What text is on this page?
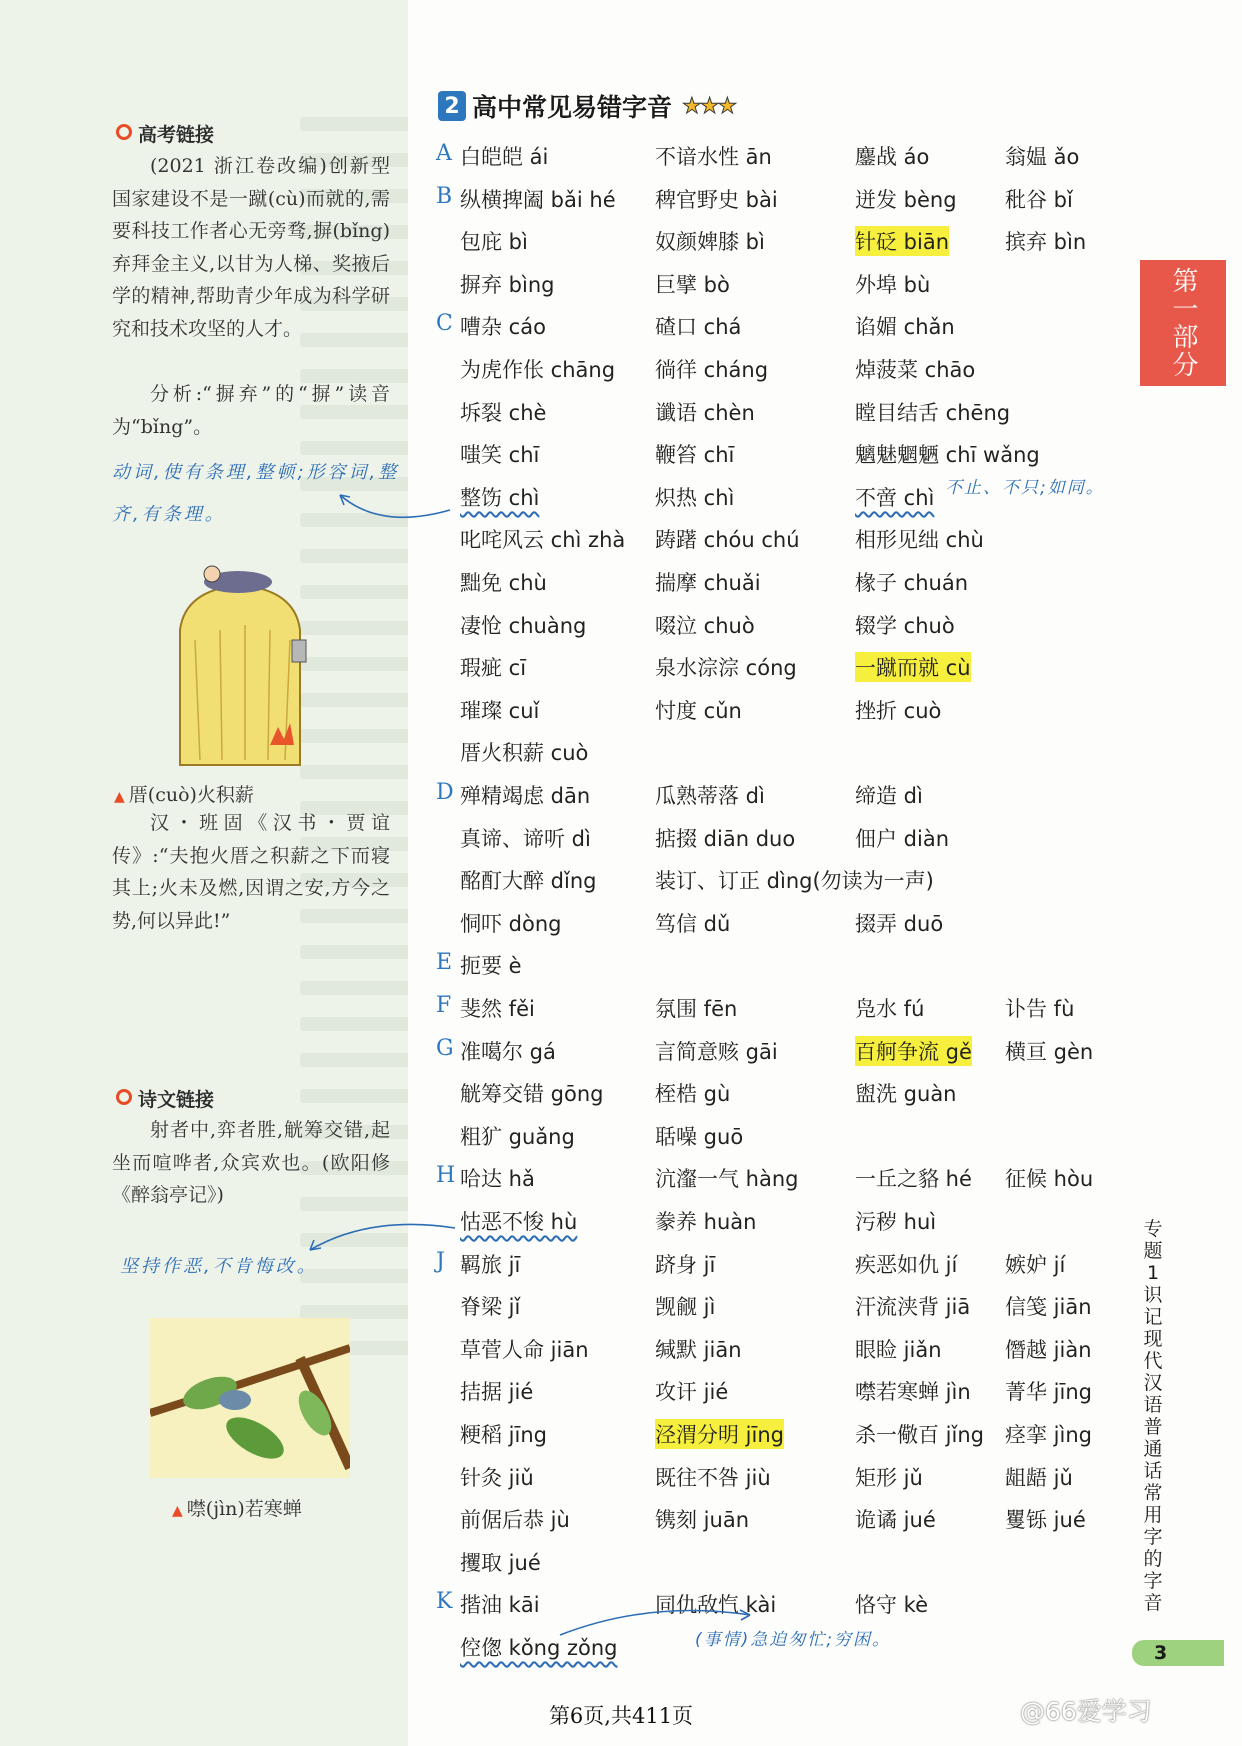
高考链接

(2021 浙江卷改编)创新型国家建设不是一蹴(cù)而就的,需要科技工作者心无旁骛,摒(bǐng)弃拜金主义,以甘为人梯、奖掖后学的精神,帮助青少年成为科学研究和技术攻坚的人才。

分析:“摒弃”的“摒”读音为“bǐng”。

动词,使有条理,整顿;形容词,整齐,有条理。
▲ 厝(cuò)火积薪

汉・班固《汉书・贾谊传》:“夫抱火厝之积薪之下而寝其上;火未及燃,因谓之安,方今之势,何以异此!”

诗文链接

射者中,弈者胜,觥筹交错,起坐而喧哗者,众宾欢也。(欧阳修《醉翁亭记》)

坚持作恶,不肯悔改。
▲ 噤(jìn)若寒蝉
2 高中常见易错字音 ★★★
A 白皑皑 ái	不谙水性 ān	鏖战 áo	翁媪 ǎo
B 纵横捭阖 bǎi hé 稗官野史 bài	迸发 bèng 秕谷 bǐ
包庇 bì	奴颜婢膝 bì	针砭 biān	摈弃 bìn
摒弃 bìng	巨擘 bò	外埠 bù
C 嘈杂 cáo	碴口 chá	谄媚 chǎn
为虎作伥 chāng 徜徉 cháng	焯菠菜 chāo
坼裂 chè	谶语 chèn	瞠目结舌 chēng
嗤笑 chī	鞭笞 chī	魑魅魍魉 chī wǎng
整饬 chì	炽热 chì	不啻 chì
叱咤风云 chì zhà 踌躇 chóu chú	相形见绌 chù
黜免 chù	揣摩 chuǎi	椽子 chuán
凄怆 chuàng	啜泣 chuò	辍学 chuò
瑕疵 cī	泉水淙淙 cóng	一蹴而就 cù
璀璨 cuǐ	忖度 cǔn	挫折 cuò
厝火积薪 cuò
D 殚精竭虑 dān	瓜熟蒂落 dì	缔造 dì
真谛、谛听 dì	掂掇 diān duo	佃户 diàn
酩酊大醉 dǐng	装订、订正 dìng(勿读为一声)
恫吓 dòng	笃信 dǔ	掇弄 duō
E 扼要 è
F 斐然 fěi	氛围 fēn	凫水 fú	讣告 fù
G 准噶尔 gá	言简意赅 gāi	百舸争流 gě 横亘 gèn
觥筹交错 gōng 桎梏 gù	盥洗 guàn
粗犷 guǎng	聒噪 guō
H 哈达 hǎ	沆瀣一气 hàng	一丘之貉 hé 征候 hòu
怙恶不悛 hù	豢养 huàn	污秽 huì
J 羁旅 jī	跻身 jī	疾恶如仇 jí 嫉妒 jí
脊梁 jǐ	觊觎 jì	汗流浃背 jiā 信笺 jiān
草菅人命 jiān	缄默 jiān	眼睑 jiǎn	僭越 jiàn
拮据 jié	攻讦 jié	噤若寒蝉 jìn 菁华 jīng
粳稻 jīng	泾渭分明 jīng	杀一儆百 jǐng 痉挛 jìng
针灸 jiǔ	既往不咎 jiù	矩形 jǔ	龃龉 jǔ
前倨后恭 jù	镌刻 juān	诡谲 jué	矍铄 jué
攫取 jué
K 揩油 kāi	同仇敌忾 kài	恪守 kè
倥偬 kǒng zǒng
不止、不只;如同。
(事情)急迫匆忙;穷困。
第一部分
专题1 识记现代汉语普通话常用字的字音
3
第6页,共411页	@66爱学习
